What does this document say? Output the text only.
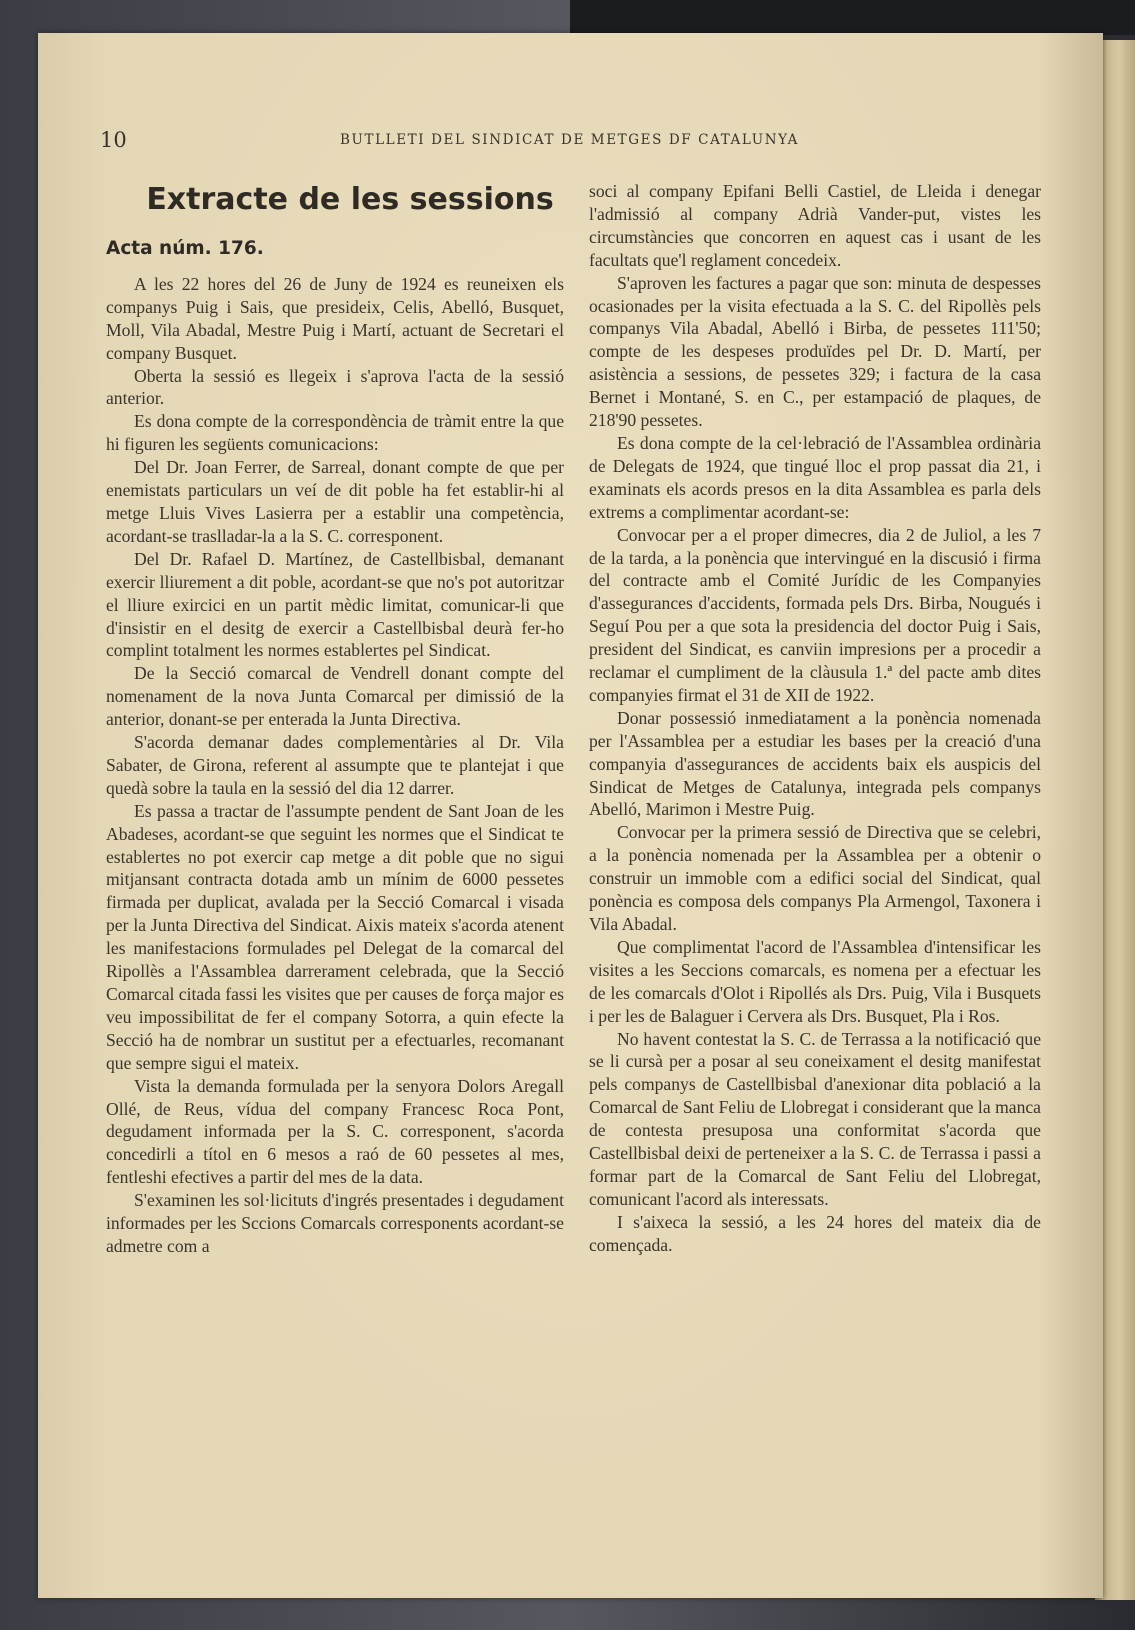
10	BUTLLETI DEL SINDICAT DE METGES DF CATALUNYA
Extracte de les sessions
Acta núm. 176.

A les 22 hores del 26 de Juny de 1924 es reuneixen els companys Puig i Sais, que presideix, Celis, Abelló, Busquet, Moll, Vila Abadal, Mestre Puig i Martí, actuant de Secretari el company Busquet.

Oberta la sessió es llegeix i s'aprova l'acta de la sessió anterior.

Es dona compte de la correspondència de tràmit entre la que hi figuren les següents comunicacions:

Del Dr. Joan Ferrer, de Sarreal, donant compte de que per enemistats particulars un veí de dit poble ha fet establir-hi al metge Lluis Vives Lasierra per a establir una competència, acordant-se traslladar-la a la S. C. corresponent.

Del Dr. Rafael D. Martínez, de Castellbisbal, demanant exercir lliurement a dit poble, acordant-se que no's pot autoritzar el lliure exircici en un partit mèdic limitat, comunicar-li que d'insistir en el desitg de exercir a Castellbisbal deurà fer-ho complint totalment les normes establertes pel Sindicat.

De la Secció comarcal de Vendrell donant compte del nomenament de la nova Junta Comarcal per dimissió de la anterior, donant-se per enterada la Junta Directiva.

S'acorda demanar dades complementàries al Dr. Vila Sabater, de Girona, referent al assumpte que te plantejat i que quedà sobre la taula en la sessió del dia 12 darrer.

Es passa a tractar de l'assumpte pendent de Sant Joan de les Abadeses, acordant-se que seguint les normes que el Sindicat te establertes no pot exercir cap metge a dit poble que no sigui mitjansant contracta dotada amb un mínim de 6000 pessetes firmada per duplicat, avalada per la Secció Comarcal i visada per la Junta Directiva del Sindicat. Aixis mateix s'acorda atenent les manifestacions formulades pel Delegat de la comarcal del Ripollès a l'Assamblea darrerament celebrada, que la Secció Comarcal citada fassi les visites que per causes de força major es veu impossibilitat de fer el company Sotorra, a quin efecte la Secció ha de nombrar un sustitut per a efectuarles, recomanant que sempre sigui el mateix.

Vista la demanda formulada per la senyora Dolors Aregall Ollé, de Reus, vídua del company Francesc Roca Pont, degudament informada per la S. C. corresponent, s'acorda concedirli a títol en 6 mesos a raó de 60 pessetes al mes, fentleshi efectives a partir del mes de la data.

S'examinen les sol·licituts d'ingrés presentades i degudament informades per les Sccions Comarcals corresponents acordant-se admetre com a

soci al company Epifani Belli Castiel, de Lleida i denegar l'admissió al company Adrià Vander-put, vistes les circumstàncies que concorren en aquest cas i usant de les facultats que'l reglament concedeix.

S'aproven les factures a pagar que son: minuta de despesses ocasionades per la visita efectuada a la S. C. del Ripollès pels companys Vila Abadal, Abelló i Birba, de pessetes 111'50; compte de les despeses produïdes pel Dr. D. Martí, per asistència a sessions, de pessetes 329; i factura de la casa Bernet i Montané, S. en C., per estampació de plaques, de 218'90 pessetes.

Es dona compte de la cel·lebració de l'Assamblea ordinària de Delegats de 1924, que tingué lloc el prop passat dia 21, i examinats els acords presos en la dita Assamblea es parla dels extrems a complimentar acordant-se:

Convocar per a el proper dimecres, dia 2 de Juliol, a les 7 de la tarda, a la ponència que intervingué en la discusió i firma del contracte amb el Comité Jurídic de les Companyies d'assegurances d'accidents, formada pels Drs. Birba, Nougués i Seguí Pou per a que sota la presidencia del doctor Puig i Sais, president del Sindicat, es canviin impresions per a procedir a reclamar el cumpliment de la clàusula 1.ª del pacte amb dites companyies firmat el 31 de XII de 1922.

Donar possessió inmediatament a la ponència nomenada per l'Assamblea per a estudiar les bases per la creació d'una companyia d'assegurances de accidents baix els auspicis del Sindicat de Metges de Catalunya, integrada pels companys Abelló, Marimon i Mestre Puig.

Convocar per la primera sessió de Directiva que se celebri, a la ponència nomenada per la Assamblea per a obtenir o construir un immoble com a edifici social del Sindicat, qual ponència es composa dels companys Pla Armengol, Taxonera i Vila Abadal.

Que complimentat l'acord de l'Assamblea d'intensificar les visites a les Seccions comarcals, es nomena per a efectuar les de les comarcals d'Olot i Ripollés als Drs. Puig, Vila i Busquets i per les de Balaguer i Cervera als Drs. Busquet, Pla i Ros.

No havent contestat la S. C. de Terrassa a la notificació que se li cursà per a posar al seu coneixament el desitg manifestat pels companys de Castellbisbal d'anexionar dita població a la Comarcal de Sant Feliu de Llobregat i considerant que la manca de contesta presuposa una conformitat s'acorda que Castellbisbal deixi de perteneixer a la S. C. de Terrassa i passi a formar part de la Comarcal de Sant Feliu del Llobregat, comunicant l'acord als interessats.

I s'aixeca la sessió, a les 24 hores del mateix dia de començada.
